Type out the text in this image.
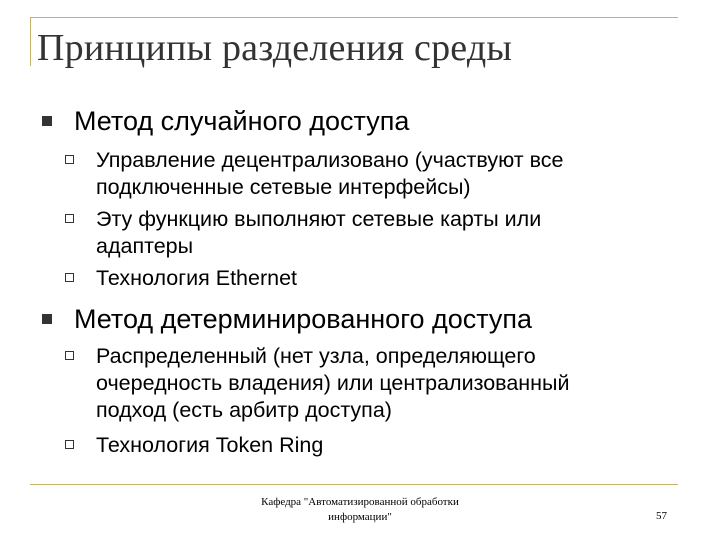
Принципы разделения среды
Метод случайного доступа
Управление децентрализовано (участвуют все
подключенные сетевые интерфейсы)
Эту функцию выполняют сетевые карты или
адаптеры
Технология Ethernet
Метод детерминированного доступа
Распределенный (нет узла, определяющего
очередность владения) или централизованный
подход (есть арбитр доступа)
Технология Token Ring
Кафедра "Автоматизированной обработки
информации"	57
